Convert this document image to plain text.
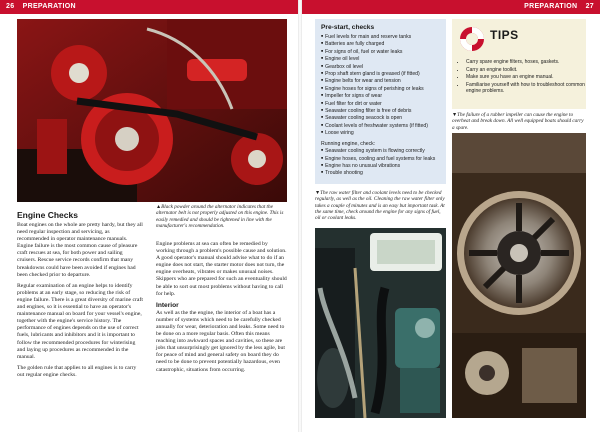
26 PREPARATION	PREPARATION 27
▲Black powder around the alternator indicates that the alternator belt is not properly adjusted on this engine. This is easily remedied and should be tightened in line with the manufacturer's recommendation.
Engine Checks

Boat engines on the whole are pretty hardy, but they all need regular inspection and servicing, as recommended in operator maintenance manuals. Engine failure is the most common cause of pleasure craft rescues at sea, for both power and sailing cruisers. Rescue service records confirm that many breakdowns could have been avoided if engines had been checked prior to departure.

Regular examination of an engine helps to identify problems at an early stage, so reducing the risk of engine failure. There is a great diversity of marine craft and engines, so it is essential to have an operator's maintenance manual on board for your vessel's engine, together with the engine's service history. The performance of engines depends on the use of correct fuels, lubricants and inhibitors and it is important to follow the recommended procedures for winterising and laying up procedures as recommended in the manual.

The golden rule that applies to all engines is to carry out regular engine checks.

Engine problems at sea can often be remedied by working through a problem's possible cause and solution. A good operator's manual should advise what to do if an engine does not start, the starter motor does not turn, the engine overheats, vibrates or makes unusual noises. Skippers who are prepared for such an eventuality should be able to sort out most problems without having to call for help.

Interior

As well as the the engine, the interior of a boat has a number of systems which need to be carefully checked annually for wear, deterioration and leaks. Some need to be done on a more regular basis. Often this means reaching into awkward spaces and cavities, so these are jobs that unsurprisingly get ignored by the less agile, but for peace of mind and general safety on board they do need to be done to prevent potentially hazardous, even catastrophic, situations from occurring.

Pre-start, checks
■ Fuel levels for main and reserve tanks
■ Batteries are fully charged
■ For signs of oil, fuel or water leaks
■ Engine oil level
■ Gearbox oil level
■ Prop shaft stern gland is greased (if fitted)
■ Engine belts for wear and tension
■ Engine hoses for signs of perishing or leaks
■ Impeller for signs of wear
■ Fuel filter for dirt or water
■ Seawater cooling filter is free of debris
■ Seawater cooling seacock is open
■ Coolant levels of freshwater systems (if fitted)
■ Loose wiring
Running engine, check:
■ Seawater cooling system is flowing correctly
■ Engine hoses, cooling and fuel systems for leaks
■ Engine has no unusual vibrations
■ Trouble shooting
▼The raw water filter and coolant levels need to be checked regularly, as well as the oil. Cleaning the raw water filter only takes a couple of minutes and is an easy but important task. At the same time, check around the engine for any signs of fuel, oil or coolant leaks.
TIPS
• Carry spare engine filters, hoses, gaskets.
• Carry an engine toolkit.
• Make sure you have an engine manual.
• Familiarise yourself with how to troubleshoot common engine problems.
▼The failure of a rubber impeller can cause the engine to overheat and break down. All well equipped boats should carry a spare.
